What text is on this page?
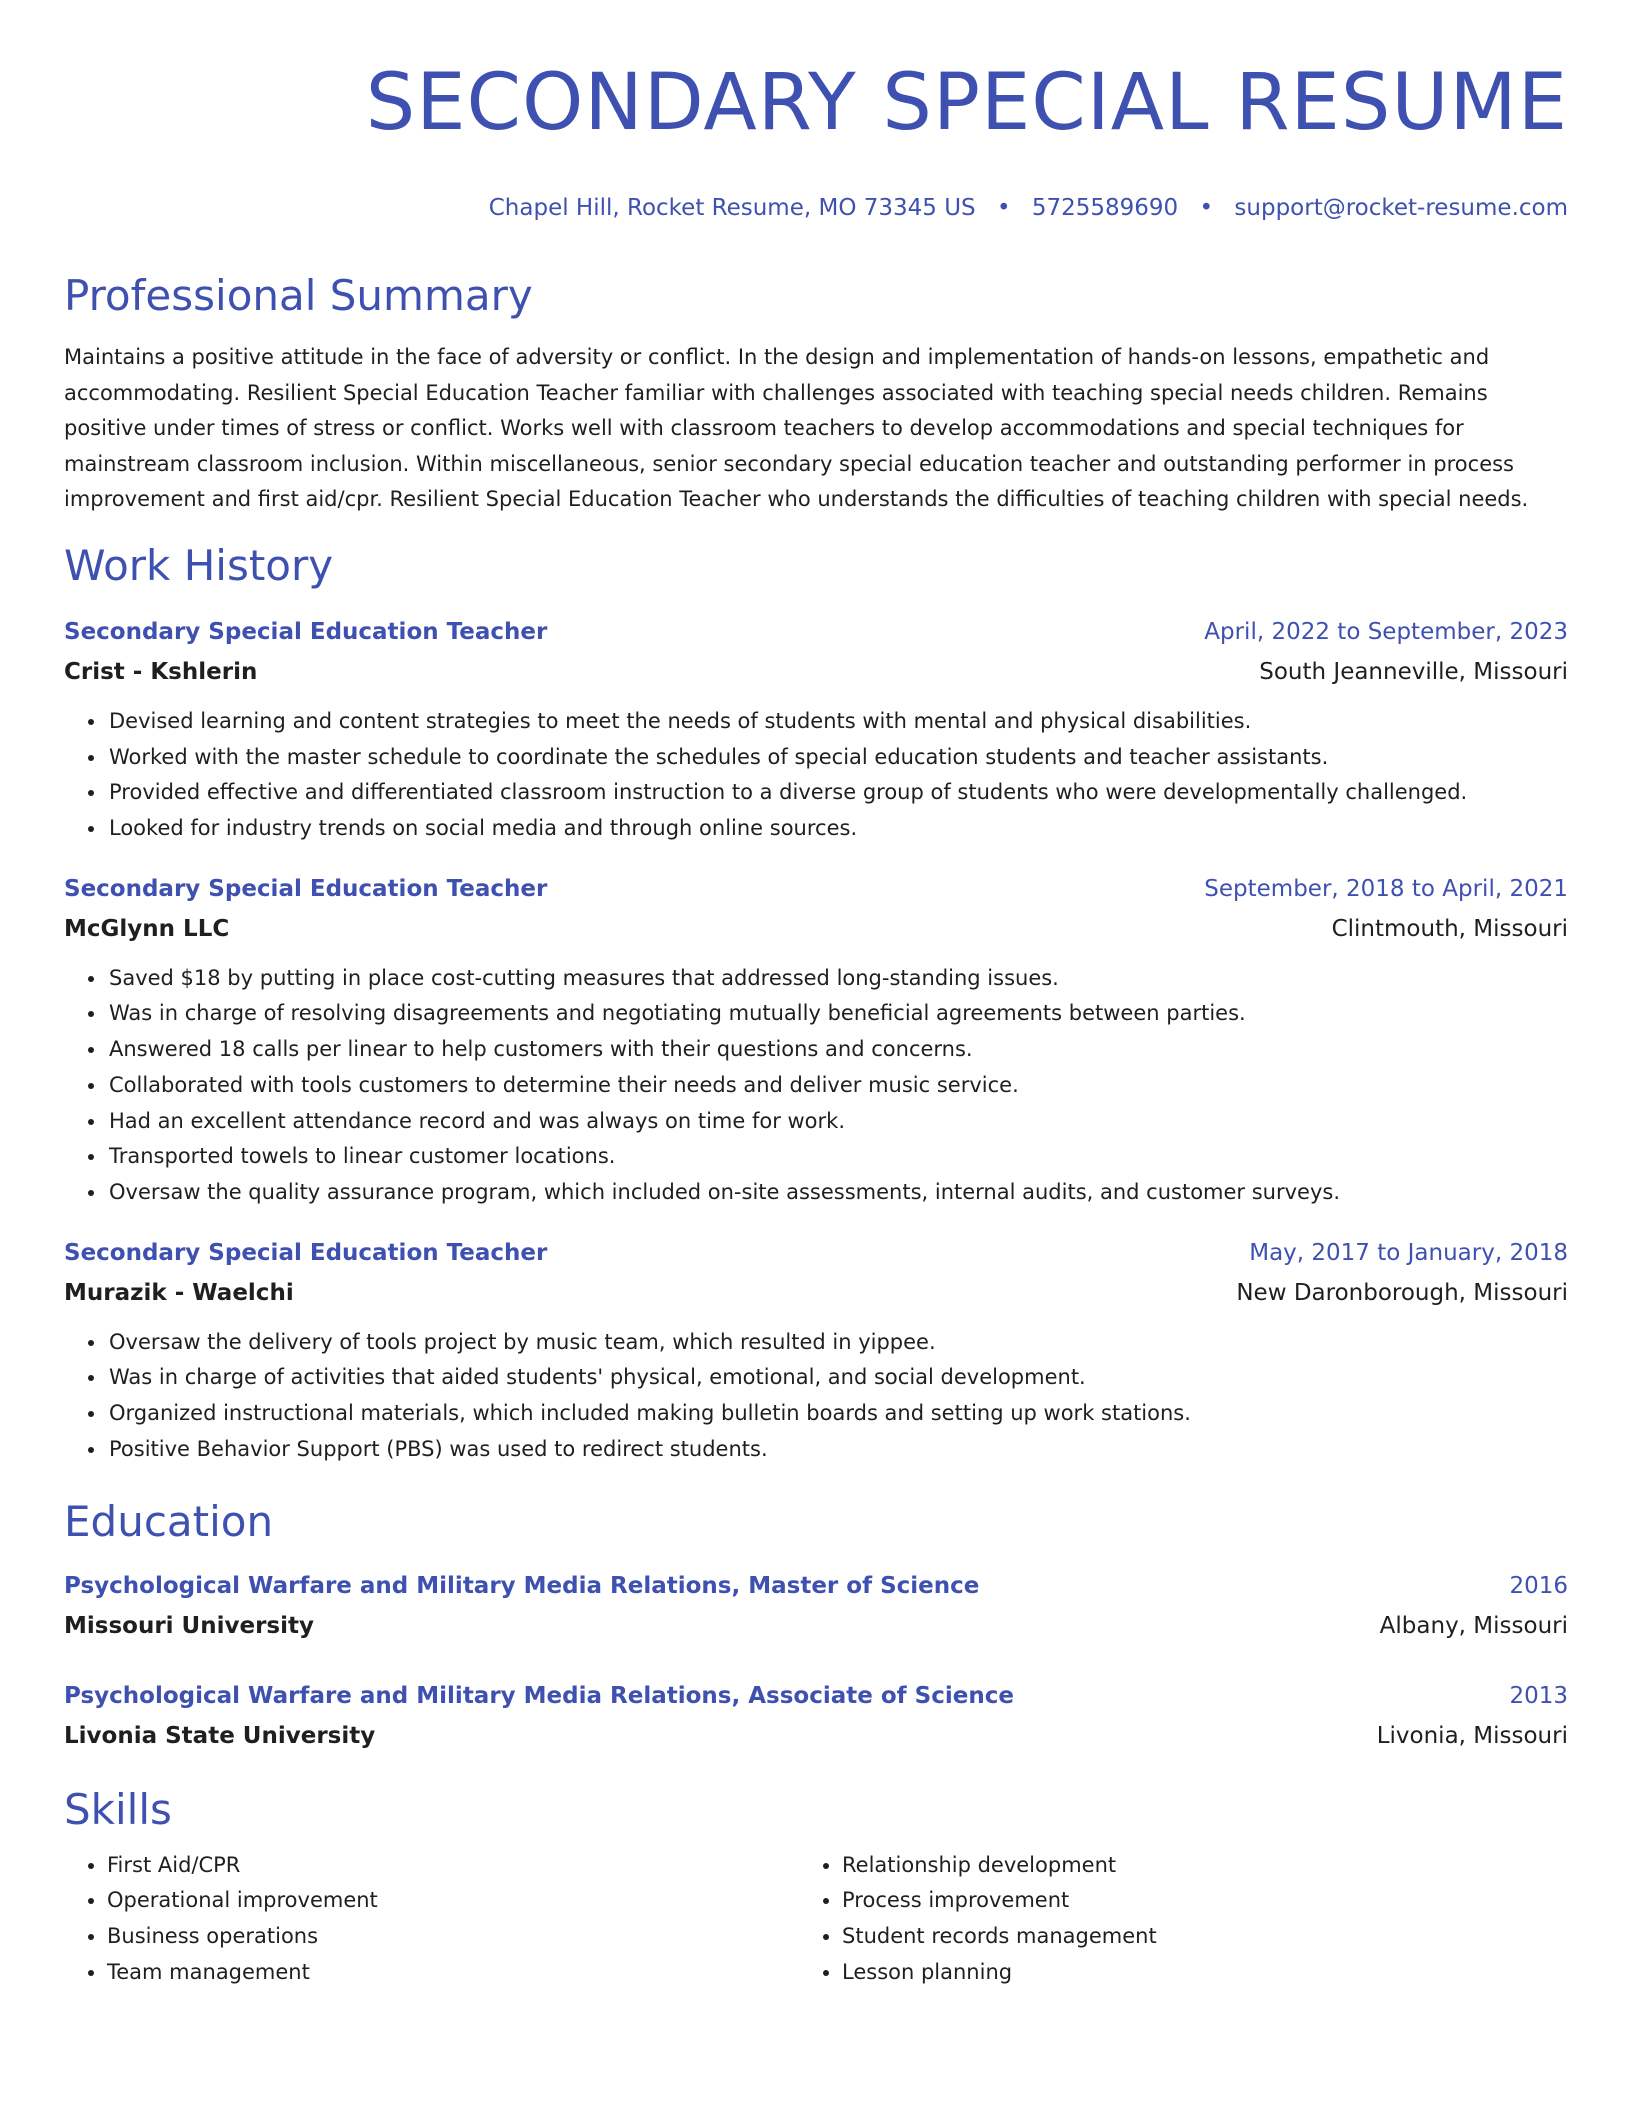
SECONDARY SPECIAL RESUME
Chapel Hill, Rocket Resume, MO 73345 US • 5725589690 • support@rocket-resume.com
Professional Summary
Maintains a positive attitude in the face of adversity or conflict. In the design and implementation of hands-on lessons, empathetic and accommodating. Resilient Special Education Teacher familiar with challenges associated with teaching special needs children. Remains positive under times of stress or conflict. Works well with classroom teachers to develop accommodations and special techniques for mainstream classroom inclusion. Within miscellaneous, senior secondary special education teacher and outstanding performer in process improvement and first aid/cpr. Resilient Special Education Teacher who understands the difficulties of teaching children with special needs.
Work History
Secondary Special Education Teacher	April, 2022 to September, 2023
Crist - Kshlerin	South Jeanneville, Missouri
• Devised learning and content strategies to meet the needs of students with mental and physical disabilities.
• Worked with the master schedule to coordinate the schedules of special education students and teacher assistants.
• Provided effective and differentiated classroom instruction to a diverse group of students who were developmentally challenged.
• Looked for industry trends on social media and through online sources.
Secondary Special Education Teacher	September, 2018 to April, 2021
McGlynn LLC	Clintmouth, Missouri
• Saved $18 by putting in place cost-cutting measures that addressed long-standing issues.
• Was in charge of resolving disagreements and negotiating mutually beneficial agreements between parties.
• Answered 18 calls per linear to help customers with their questions and concerns.
• Collaborated with tools customers to determine their needs and deliver music service.
• Had an excellent attendance record and was always on time for work.
• Transported towels to linear customer locations.
• Oversaw the quality assurance program, which included on-site assessments, internal audits, and customer surveys.
Secondary Special Education Teacher	May, 2017 to January, 2018
Murazik - Waelchi	New Daronborough, Missouri
• Oversaw the delivery of tools project by music team, which resulted in yippee.
• Was in charge of activities that aided students' physical, emotional, and social development.
• Organized instructional materials, which included making bulletin boards and setting up work stations.
• Positive Behavior Support (PBS) was used to redirect students.
Education
Psychological Warfare and Military Media Relations, Master of Science	2016
Missouri University	Albany, Missouri
Psychological Warfare and Military Media Relations, Associate of Science	2013
Livonia State University	Livonia, Missouri
Skills
• First Aid/CPR
• Operational improvement
• Business operations
• Team management
• Relationship development
• Process improvement
• Student records management
• Lesson planning
